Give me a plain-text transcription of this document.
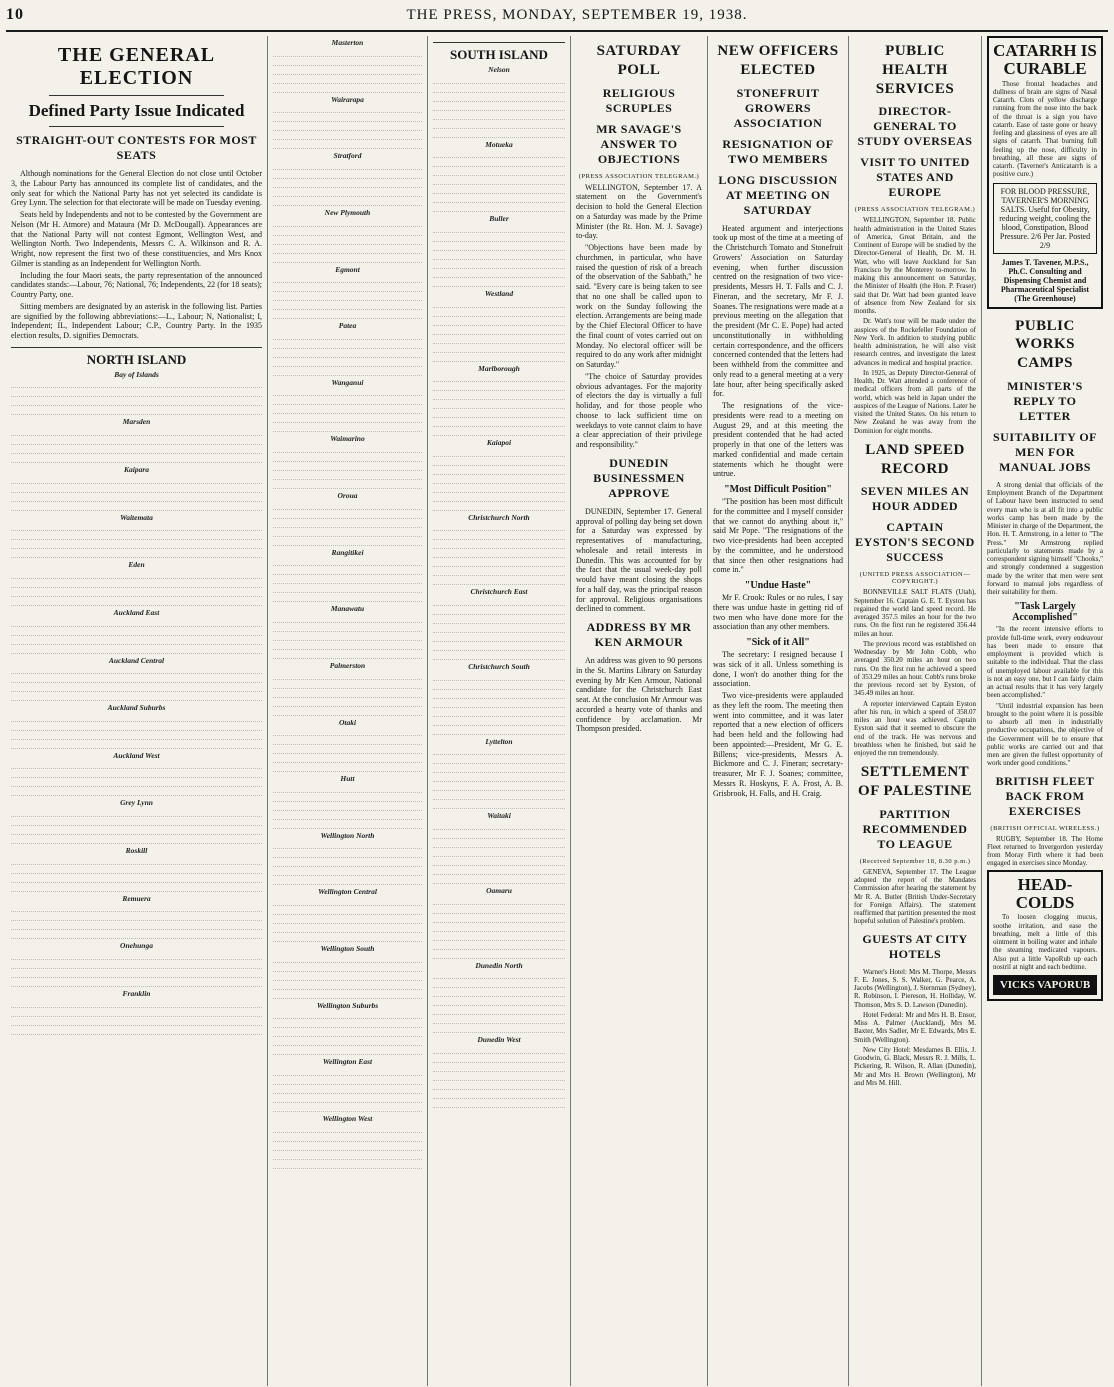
10	THE PRESS, MONDAY, SEPTEMBER 19, 1938.
THE GENERAL ELECTION
Defined Party Issue Indicated
STRAIGHT-OUT CONTESTS FOR MOST SEATS

Although nominations for the General Election do not close until October 3, the Labour Party has announced its complete list of candidates, and the only seat for which the National Party has not yet selected its candidate is Grey Lynn. The selection for that electorate will be made on Tuesday evening.

Seats held by Independents and not to be contested by the Government are Nelson (Mr H. Atmore) and Mataura (Mr D. McDougall). Appearances are that the National Party will not contest Egmont, Wellington West, and Wellington North. Two Independents, Messrs C. A. Wilkinson and R. A. Wright, now represent the first two of these constituencies, and Mrs Knox Gilmer is standing as an Independent for Wellington North.

Including the four Maori seats, the party representation of the announced candidates stands:—Labour, 76; National, 76; Independents, 22 (for 18 seats); Country Party, one.

Sitting members are designated by an asterisk in the following list. Parties are signified by the following abbreviations:—L., Labour; N, Nationalist; I, Independent; IL, Independent Labour; C.P., Country Party. In the 1935 election results, D. signifies Democrats.

NORTH ISLAND
Bay of Islands
Marsden
Kaipara
Waitemata
Eden
Auckland East
Auckland Central
Auckland Suburbs
Auckland West
Grey Lynn
Roskill
Remuera
Onehunga
Franklin
Masterton
Wairarapa
Stratford
New Plymouth
Egmont
Patea
Wanganui
Waimarino
Oroua
Rangitikei
Manawatu
Palmerston
Otaki
Hutt
Wellington North
Wellington Central
Wellington South
Wellington Suburbs
Wellington East
Wellington West
SOUTH ISLAND
Nelson
Motueka
Buller
Westland
Marlborough
Kaiapoi
Christchurch North
Christchurch East
Christchurch South
Lyttelton
Waitaki
Oamaru
Dunedin North
Dunedin West
SATURDAY POLL
RELIGIOUS SCRUPLES
MR SAVAGE'S ANSWER TO OBJECTIONS
(PRESS ASSOCIATION TELEGRAM.)

WELLINGTON, September 17. A statement on the Government's decision to hold the General Election on a Saturday was made by the Prime Minister (the Rt. Hon. M. J. Savage) to-day.

"Objections have been made by churchmen, in particular, who have raised the question of risk of a breach of the observation of the Sabbath," he said. "Every care is being taken to see that no one shall be called upon to work on the Sunday following the election. Arrangements are being made by the Chief Electoral Officer to have the final count of votes carried out on Monday. No electoral officer will be required to do any work after midnight on Saturday."

"The choice of Saturday provides obvious advantages. For the majority of electors the day is virtually a full holiday, and for those people who choose to lack sufficient time on weekdays to vote cannot claim to have a clear appreciation of their privilege and responsibility."

DUNEDIN BUSINESSMEN APPROVE

DUNEDIN, September 17. General approval of polling day being set down for a Saturday was expressed by representatives of manufacturing, wholesale and retail interests in Dunedin. This was accounted for by the fact that the usual week-day poll would have meant closing the shops for a half day, was the principal reason for approval. Religious organisations declined to comment.

ADDRESS BY MR KEN ARMOUR

An address was given to 90 persons in the St. Martins Library on Saturday evening by Mr Ken Armour, National candidate for the Christchurch East seat. At the conclusion Mr Armour was accorded a hearty vote of thanks and confidence by acclamation. Mr Thompson presided.

NEW OFFICERS ELECTED
STONEFRUIT GROWERS ASSOCIATION
RESIGNATION OF TWO MEMBERS
LONG DISCUSSION AT MEETING ON SATURDAY

Heated argument and interjections took up most of the time at a meeting of the Christchurch Tomato and Stonefruit Growers' Association on Saturday evening, when further discussion centred on the resignation of two vice-presidents, Messrs H. T. Falls and C. J. Fineran, and the secretary, Mr F. J. Soanes. The resignations were made at a previous meeting on the allegation that the president (Mr C. E. Pope) had acted unconstitutionally in withholding certain correspondence, and the officers concerned contended that the letters had been withheld from the committee and only read to a general meeting at a very late hour, after being specifically asked for.

The resignations of the vice-presidents were read to a meeting on August 29, and at this meeting the president contended that he had acted properly in that one of the letters was marked confidential and made certain statements which he thought were untrue.

"Most Difficult Position"

"The position has been most difficult for the committee and I myself consider that we cannot do anything about it," said Mr Pope. "The resignations of the two vice-presidents had been accepted by the committee, and he understood that since then other resignations had come in."

"Undue Haste"

Mr F. Crook: Rules or no rules, I say there was undue haste in getting rid of two men who have done more for the association than any other members.

"Sick of it All"

The secretary: I resigned because I was sick of it all. Unless something is done, I won't do another thing for the association.

Two vice-presidents were applauded as they left the room. The meeting then went into committee, and it was later reported that a new election of officers had been held and the following had been appointed:—President, Mr G. E. Billens; vice-presidents, Messrs A. Bickmore and C. J. Fineran; secretary-treasurer, Mr F. J. Soanes; committee, Messrs R. Hoskyns, F. A. Frost, A. B. Grisbrook, H. Falls, and H. Craig.

PUBLIC HEALTH SERVICES
DIRECTOR-GENERAL TO STUDY OVERSEAS
VISIT TO UNITED STATES AND EUROPE
(PRESS ASSOCIATION TELEGRAM.)

WELLINGTON, September 18. Public health administration in the United States of America, Great Britain, and the Continent of Europe will be studied by the Director-General of Health, Dr. M. H. Watt, who will leave Auckland for San Francisco by the Monterey to-morrow. In making this announcement on Saturday, the Minister of Health (the Hon. P. Fraser) said that Dr. Watt had been granted leave of absence from New Zealand for six months.

Dr. Watt's tour will be made under the auspices of the Rockefeller Foundation of New York. In addition to studying public health administration, he will also visit research centres, and investigate the latest advances in medical and hospital practice.

In 1925, as Deputy Director-General of Health, Dr. Watt attended a conference of medical officers from all parts of the world, which was held in Japan under the auspices of the League of Nations. Later he visited the United States. On his return to New Zealand he was away from the Dominion for eight months.

LAND SPEED RECORD
SEVEN MILES AN HOUR ADDED
CAPTAIN EYSTON'S SECOND SUCCESS
(UNITED PRESS ASSOCIATION—COPYRIGHT.)

BONNEVILLE SALT FLATS (Utah), September 16. Captain G. E. T. Eyston has regained the world land speed record. He averaged 357.5 miles an hour for the two runs. On the first run he registered 356.44 miles an hour.

The previous record was established on Wednesday by Mr John Cobb, who averaged 350.20 miles an hour on two runs. On the first run he achieved a speed of 353.29 miles an hour. Cobb's runs broke the previous record set by Eyston, of 345.49 miles an hour.

A reporter interviewed Captain Eyston after his run, in which a speed of 358.07 miles an hour was achieved. Captain Eyston said that it seemed to obscure the end of the track. He was nervous and breathless when he finished, but said he enjoyed the run tremendously.

SETTLEMENT OF PALESTINE
PARTITION RECOMMENDED TO LEAGUE
(Received September 18, 8.30 p.m.)

GENEVA, September 17. The League adopted the report of the Mandates Commission after hearing the statement by Mr R. A. Butler (British Under-Secretary for Foreign Affairs). The statement reaffirmed that partition presented the most hopeful solution of Palestine's problem.

GUESTS AT CITY HOTELS

Warner's Hotel: Mrs M. Thorpe, Messrs F. E. Jones, S. S. Walker, G. Pearce, A. Jacobs (Wellington), J. Sternman (Sydney), R. Robinson, I. Piereson, H. Holliday, W. Thomson, Mrs S. D. Lawson (Dunedin).

Hotel Federal: Mr and Mrs H. B. Ensor, Miss A. Palmer (Auckland), Mrs M. Baxter, Mrs Sadler, Mr E. Edwards, Mrs E. Smith (Wellington).

New City Hotel: Mesdames B. Ellis, J. Goodwin, G. Black, Messrs R. J. Mills, L. Pickering, R. Wilson, R. Allan (Dunedin), Mr and Mrs H. Brown (Wellington), Mr and Mrs M. Hill.

CATARRH IS CURABLE

Those frontal headaches and dullness of brain are signs of Nasal Catarrh. Clots of yellow discharge running from the nose into the back of the throat is a sign you have catarrh. Ease of taste gone or heavy feeling and glassiness of eyes are all signs of catarrh. That burning full feeling up the nose, difficulty in breathing, all these are signs of catarrh. (Taverner's Anticatarrh is a positive cure.)

FOR BLOOD PRESSURE, TAVERNER'S MORNING SALTS. Useful for Obesity, reducing weight, cooling the blood, Constipation, Blood Pressure. 2/6 Per Jar. Posted 2/9
James T. Tavener, M.P.S., Ph.C. Consulting and Dispensing Chemist and Pharmaceutical Specialist (The Greenhouse)
PUBLIC WORKS CAMPS
MINISTER'S REPLY TO LETTER
SUITABILITY OF MEN FOR MANUAL JOBS

A strong denial that officials of the Employment Branch of the Department of Labour have been instructed to send every man who is at all fit into a public works camp has been made by the Minister in charge of the Department, the Hon. H. T. Armstrong, in a letter to "The Press." Mr Armstrong replied particularly to statements made by a correspondent signing himself "Chooks," and strongly condemned a suggestion made by the writer that men were sent forward to manual jobs regardless of their suitability for them.

"Task Largely Accomplished"

"In the recent intensive efforts to provide full-time work, every endeavour has been made to ensure that employment is provided which is suitable to the individual. That the class of unemployed labour available for this is not an easy one, but I can fairly claim an actual results that it has very largely been accomplished."

"Until industrial expansion has been brought to the point where it is possible to absorb all men in industrially productive occupations, the objective of the Government will be to ensure that public works are carried out and that men are given the fullest opportunity of work under good conditions."

BRITISH FLEET BACK FROM EXERCISES
(BRITISH OFFICIAL WIRELESS.)

RUGBY, September 18. The Home Fleet returned to Invergordon yesterday from Moray Firth where it had been engaged in exercises since Monday.

HEAD-COLDS

To loosen clogging mucus, soothe irritation, and ease the breathing, melt a little of this ointment in boiling water and inhale the steaming medicated vapours. Also put a little VapoRub up each nostril at night and each bedtime.

VICKS VAPORUB
